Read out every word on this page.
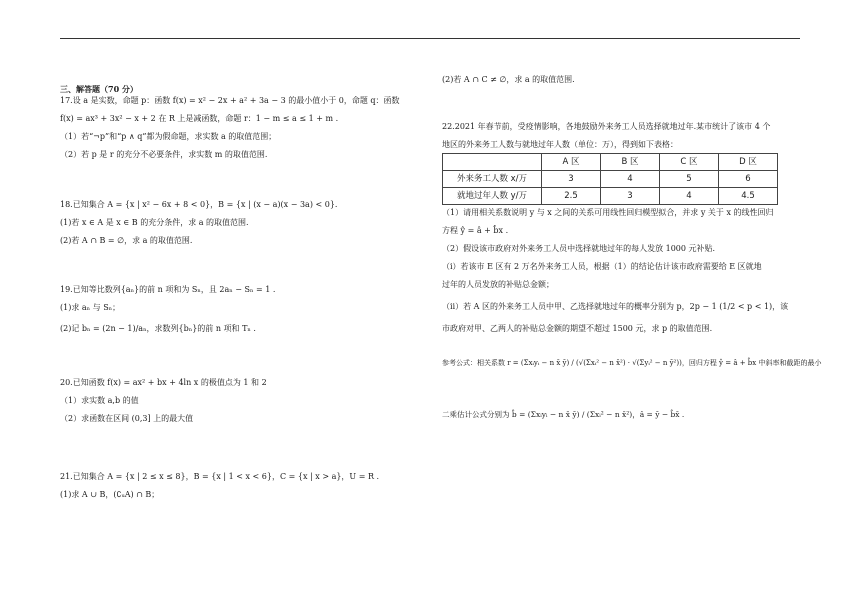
三、解答题（70 分）

17.设 a 是实数，命题 p：函数 f(x) = x² − 2x + a² + 3a − 3 的最小值小于 0，命题 q：函数

f(x) = ax³ + 3x² − x + 2 在 R 上是减函数，命题 r：1 − m ≤ a ≤ 1 + m .

（1）若“¬p”和“p ∧ q”都为假命题，求实数 a 的取值范围；

（2）若 p 是 r 的充分不必要条件，求实数 m 的取值范围.

18.已知集合 A = {x | x² − 6x + 8 < 0}，B = {x | (x − a)(x − 3a) < 0}.

(1)若 x ∈ A 是 x ∈ B 的充分条件，求 a 的取值范围.

(2)若 A ∩ B = ∅，求 a 的取值范围.

19.已知等比数列{aₙ}的前 n 项和为 Sₙ，且 2aₙ − Sₙ = 1 .

(1)求 aₙ 与 Sₙ；

(2)记 bₙ = (2n − 1)/aₙ，求数列{bₙ}的前 n 项和 Tₙ .

20.已知函数 f(x) = ax² + bx + 4ln x 的极值点为 1 和 2

（1）求实数 a,b 的值

（2）求函数在区间 (0,3] 上的最大值

21.已知集合 A = {x | 2 ≤ x ≤ 8}，B = {x | 1 < x < 6}，C = {x | x > a}，U = R .

(1)求 A ∪ B，(∁ᵤA) ∩ B；

(2)若 A ∩ C ≠ ∅，求 a 的取值范围.

22.2021 年春节前，受疫情影响，各地鼓励外来务工人员选择就地过年.某市统计了该市 4 个

地区的外来务工人数与就地过年人数（单位：万），得到如下表格：

	A 区	B 区	C 区	D 区
外来务工人数 x/万	3	4	5	6
就地过年人数 y/万	2.5	3	4	4.5

（1）请用相关系数说明 y 与 x 之间的关系可用线性回归模型拟合，并求 y 关于 x 的线性回归

方程 ŷ = â + b̂x .

（2）假设该市政府对外来务工人员中选择就地过年的每人发放 1000 元补贴.

（ⅰ）若该市 E 区有 2 万名外来务工人员，根据（1）的结论估计该市政府需要给 E 区就地

过年的人员发放的补贴总金额；

（ⅱ）若 A 区的外来务工人员中甲、乙选择就地过年的概率分别为 p，2p − 1 (1/2 < p < 1)，该

市政府对甲、乙两人的补贴总金额的期望不超过 1500 元，求 p 的取值范围.

参考公式：相关系数 r = (Σxᵢyᵢ − n x̄ ȳ) / (√(Σxᵢ² − n x̄²) · √(Σyᵢ² − n ȳ²))，回归方程 ŷ = â + b̂x 中斜率和截距的最小

二乘估计公式分别为 b̂ = (Σxᵢyᵢ − n x̄ ȳ) / (Σxᵢ² − n x̄²)，â = ȳ − b̂x̄ .
